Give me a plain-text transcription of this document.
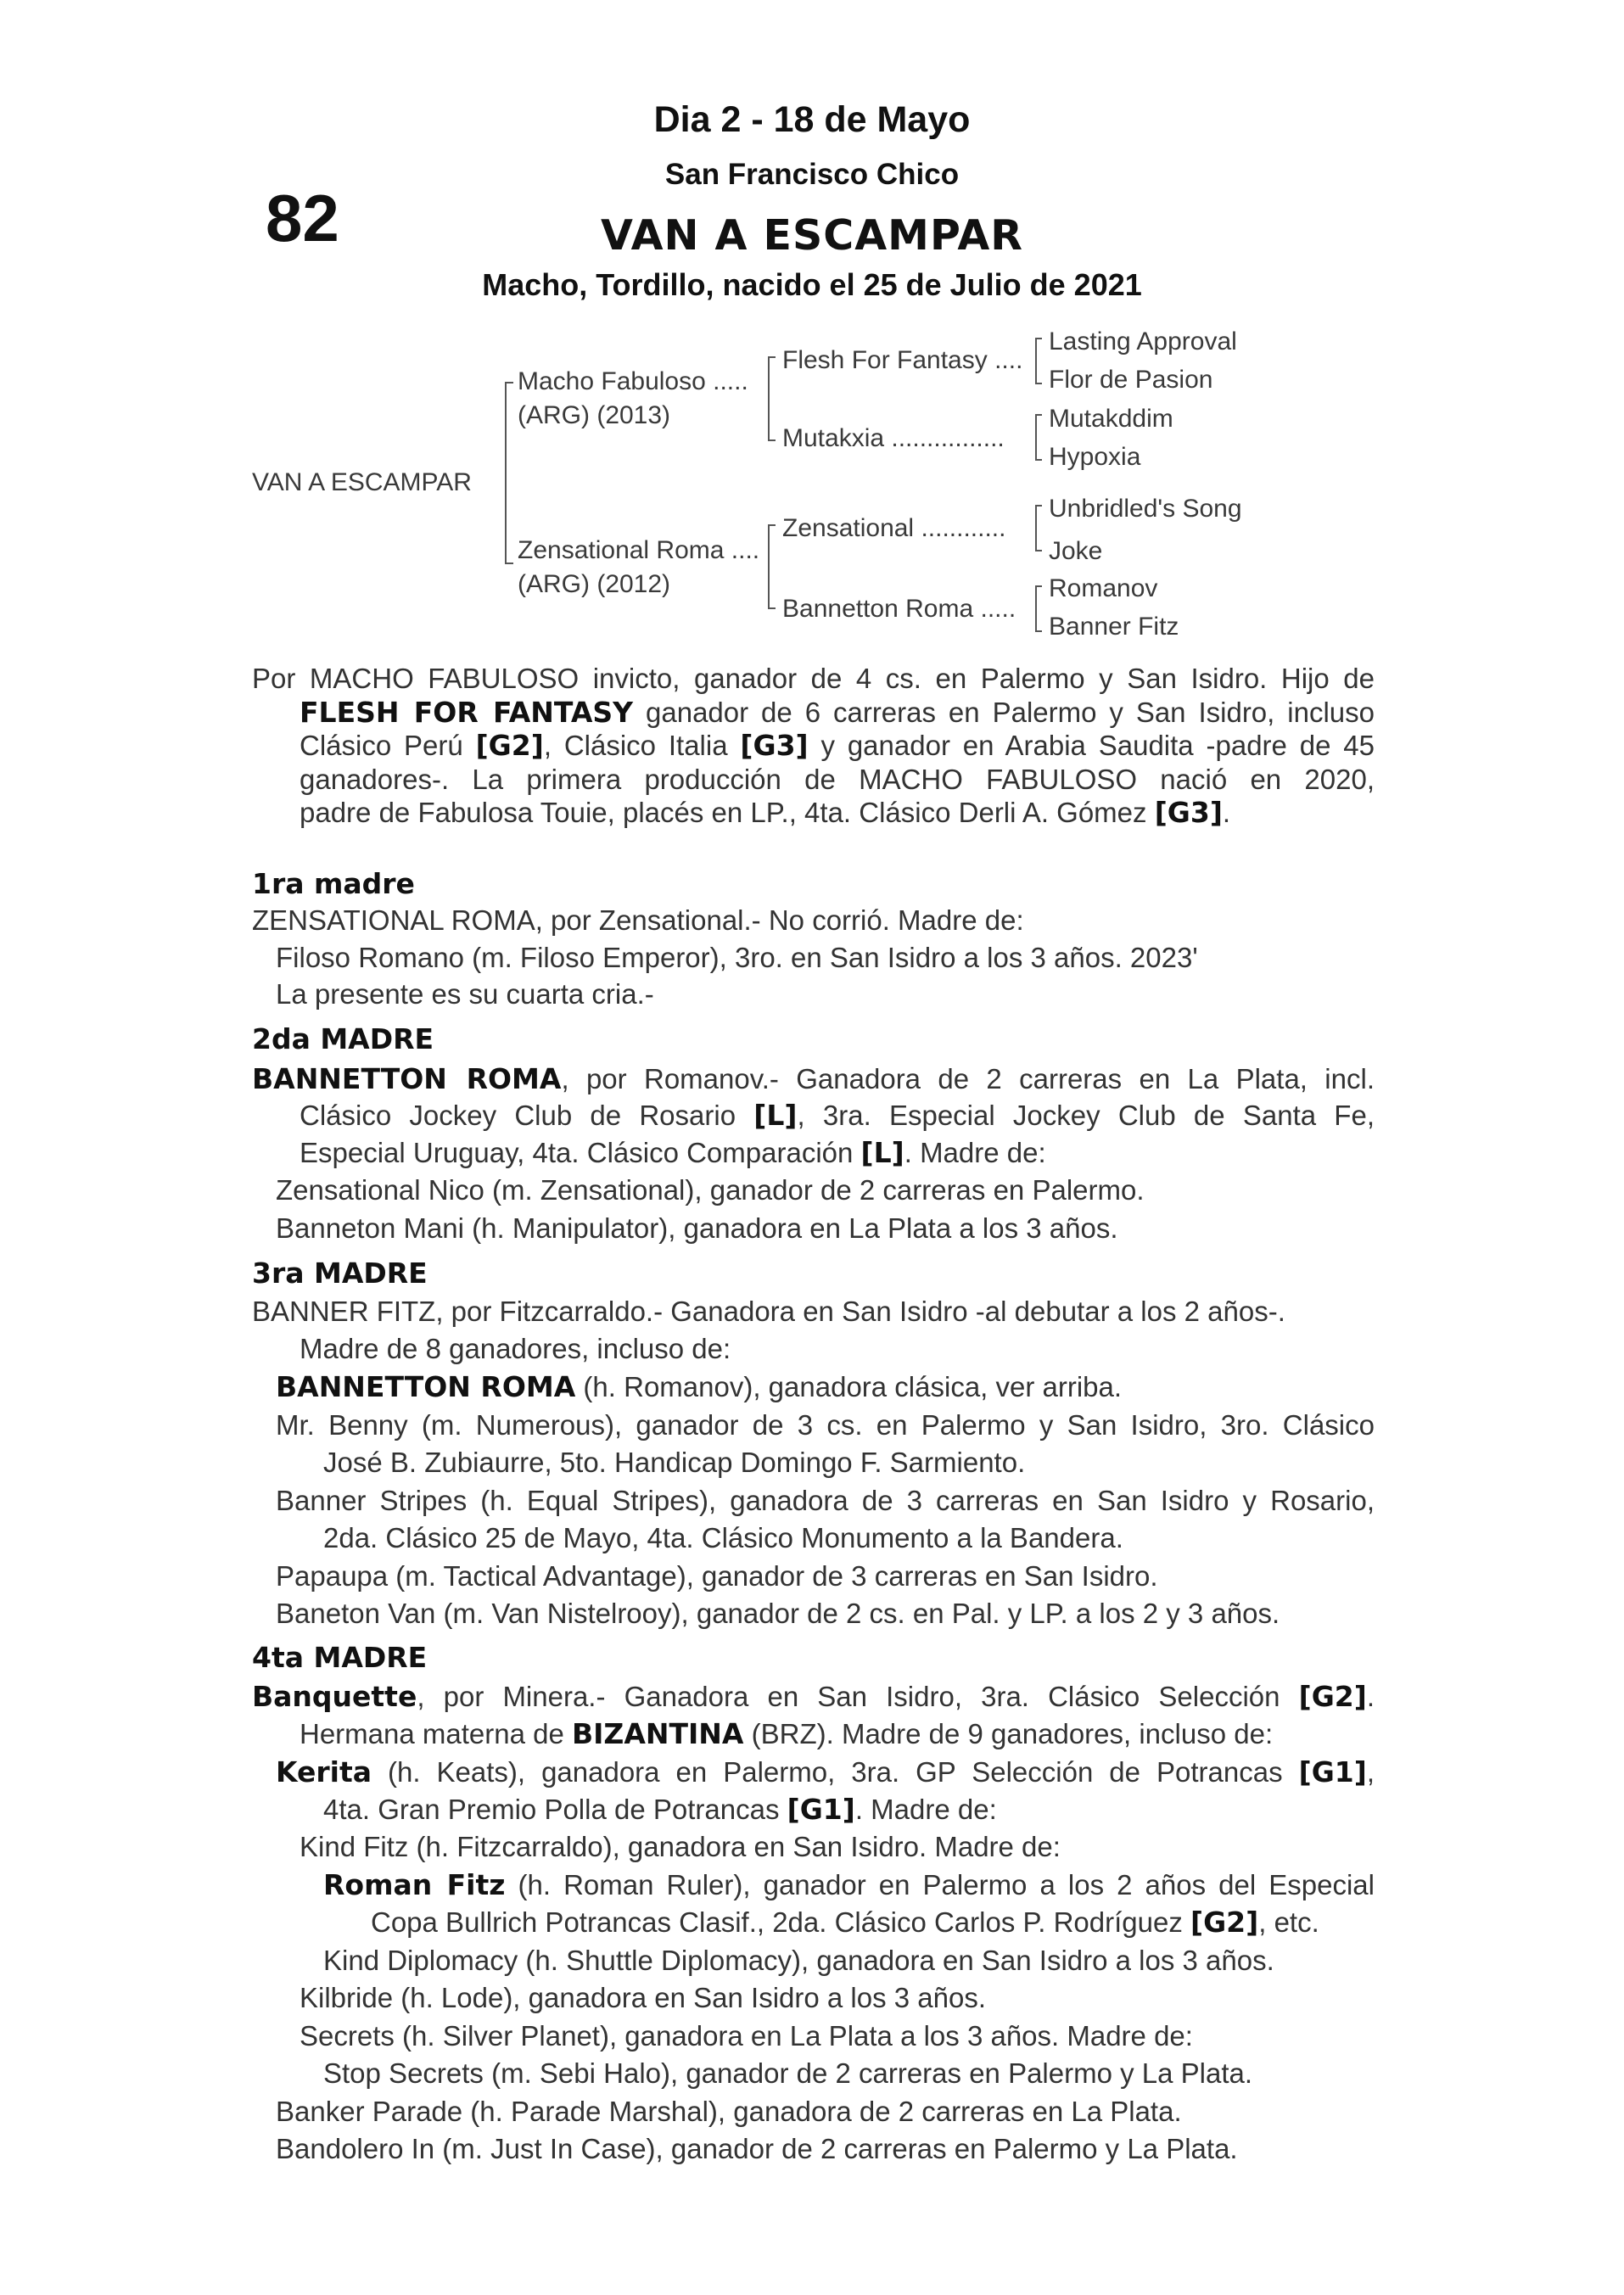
Dia 2 - 18 de Mayo
San Francisco Chico
82	VAN A ESCAMPAR
Macho, Tordillo, nacido el 25 de Julio de 2021
VAN A ESCAMPAR
Macho Fabuloso .....
(ARG) (2013)
Zensational Roma ....
(ARG) (2012)
Flesh For Fantasy ....
Mutakxia ................
Zensational ............
Bannetton Roma .....
Lasting Approval
Flor de Pasion
Mutakddim
Hypoxia
Unbridled's Song
Joke
Romanov
Banner Fitz
Por MACHO FABULOSO invicto, ganador de 4 cs. en Palermo y San Isidro. Hijo de
FLESH FOR FANTASY ganador de 6 carreras en Palermo y San Isidro, incluso
Clásico Perú [G2], Clásico Italia [G3] y ganador en Arabia Saudita -padre de 45
ganadores-. La primera producción de MACHO FABULOSO nació en 2020,
padre de Fabulosa Touie, placés en LP., 4ta. Clásico Derli A. Gómez [G3].
1ra madre
ZENSATIONAL ROMA, por Zensational.- No corrió. Madre de:
Filoso Romano (m. Filoso Emperor), 3ro. en San Isidro a los 3 años. 2023'
La presente es su cuarta cria.-
2da MADRE
BANNETTON ROMA, por Romanov.- Ganadora de 2 carreras en La Plata, incl.
Clásico Jockey Club de Rosario [L], 3ra. Especial Jockey Club de Santa Fe,
Especial Uruguay, 4ta. Clásico Comparación [L]. Madre de:
Zensational Nico (m. Zensational), ganador de 2 carreras en Palermo.
Banneton Mani (h. Manipulator), ganadora en La Plata a los 3 años.
3ra MADRE
BANNER FITZ, por Fitzcarraldo.- Ganadora en San Isidro -al debutar a los 2 años-.
Madre de 8 ganadores, incluso de:
BANNETTON ROMA (h. Romanov), ganadora clásica, ver arriba.
Mr. Benny (m. Numerous), ganador de 3 cs. en Palermo y San Isidro, 3ro. Clásico
José B. Zubiaurre, 5to. Handicap Domingo F. Sarmiento.
Banner Stripes (h. Equal Stripes), ganadora de 3 carreras en San Isidro y Rosario,
2da. Clásico 25 de Mayo, 4ta. Clásico Monumento a la Bandera.
Papaupa (m. Tactical Advantage), ganador de 3 carreras en San Isidro.
Baneton Van (m. Van Nistelrooy), ganador de 2 cs. en Pal. y LP. a los 2 y 3 años.
4ta MADRE
Banquette, por Minera.- Ganadora en San Isidro, 3ra. Clásico Selección [G2].
Hermana materna de BIZANTINA (BRZ). Madre de 9 ganadores, incluso de:
Kerita (h. Keats), ganadora en Palermo, 3ra. GP Selección de Potrancas [G1],
4ta. Gran Premio Polla de Potrancas [G1]. Madre de:
Kind Fitz (h. Fitzcarraldo), ganadora en San Isidro. Madre de:
Roman Fitz (h. Roman Ruler), ganador en Palermo a los 2 años del Especial
Copa Bullrich Potrancas Clasif., 2da. Clásico Carlos P. Rodríguez [G2], etc.
Kind Diplomacy (h. Shuttle Diplomacy), ganadora en San Isidro a los 3 años.
Kilbride (h. Lode), ganadora en San Isidro a los 3 años.
Secrets (h. Silver Planet), ganadora en La Plata a los 3 años. Madre de:
Stop Secrets (m. Sebi Halo), ganador de 2 carreras en Palermo y La Plata.
Banker Parade (h. Parade Marshal), ganadora de 2 carreras en La Plata.
Bandolero In (m. Just In Case), ganador de 2 carreras en Palermo y La Plata.
